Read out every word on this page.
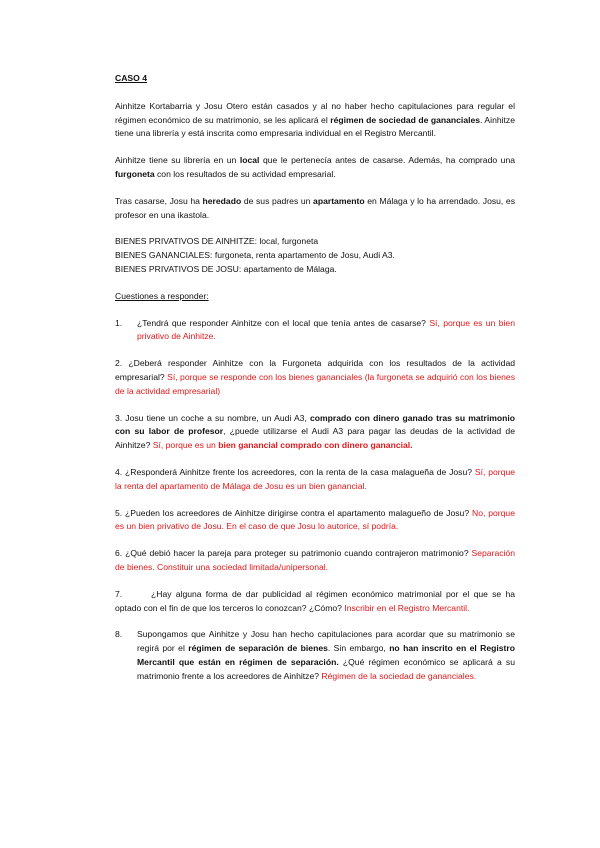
CASO 4

Ainhitze Kortabarria y Josu Otero están casados y al no haber hecho capitulaciones para regular el régimen económico de su matrimonio, se les aplicará el régimen de sociedad de gananciales. Ainhitze tiene una librería y está inscrita como empresaria individual en el Registro Mercantil.

Ainhitze tiene su librería en un local que le pertenecía antes de casarse. Además, ha comprado una furgoneta con los resultados de su actividad empresarial.

Tras casarse, Josu ha heredado de sus padres un apartamento en Málaga y lo ha arrendado. Josu, es profesor en una ikastola.

BIENES PRIVATIVOS DE AINHITZE: local, furgoneta

BIENES GANANCIALES: furgoneta, renta apartamento de Josu, Audi A3.

BIENES PRIVATIVOS DE JOSU: apartamento de Málaga.

Cuestiones a responder:

1.	¿Tendrá que responder Ainhitze con el local que tenía antes de casarse? Sí, porque es un bien privativo de Ainhitze.

2. ¿Deberá responder Ainhitze con la Furgoneta adquirida con los resultados de la actividad empresarial? Sí, porque se responde con los bienes gananciales (la furgoneta se adquirió con los bienes de la actividad empresarial)

3. Josu tiene un coche a su nombre, un Audi A3, comprado con dinero ganado tras su matrimonio con su labor de profesor, ¿puede utilizarse el Audi A3 para pagar las deudas de la actividad de Ainhitze? Sí, porque es un bien ganancial comprado con dinero ganancial.

4. ¿Responderá Ainhitze frente los acreedores, con la renta de la casa malagueña de Josu? Sí, porque la renta del apartamento de Málaga de Josu es un bien ganancial.

5. ¿Pueden los acreedores de Ainhitze dirigirse contra el apartamento malagueño de Josu? No, porque es un bien privativo de Josu. En el caso de que Josu lo autorice, sí podría.

6. ¿Qué debió hacer la pareja para proteger su patrimonio cuando contrajeron matrimonio? Separación de bienes. Constituir una sociedad limitada/unipersonal.

7.	¿Hay alguna forma de dar publicidad al régimen económico matrimonial por el que se ha optado con el fin de que los terceros lo conozcan? ¿Cómo? Inscribir en el Registro Mercantil.

8.	Supongamos que Ainhitze y Josu han hecho capitulaciones para acordar que su matrimonio se regirá por el régimen de separación de bienes. Sin embargo, no han inscrito en el Registro Mercantil que están en régimen de separación. ¿Qué régimen económico se aplicará a su matrimonio frente a los acreedores de Ainhitze? Régimen de la sociedad de gananciales.
